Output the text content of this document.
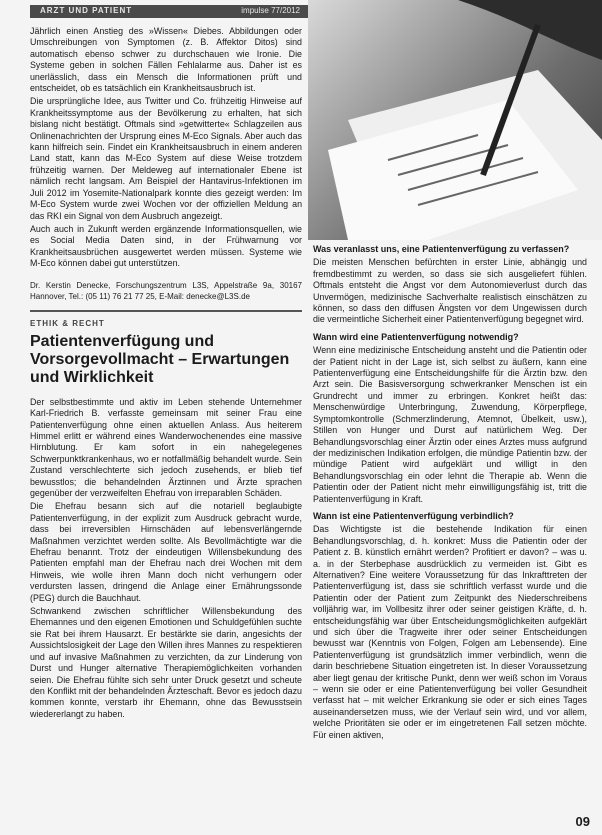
ARZT UND PATIENT	impulse 77/2012

Jährlich einen Anstieg des »Wissen« Diebes. Abbildungen oder Umschreibungen von Symptomen (z. B. Affektor Ditos) sind automatisch ebenso schwer zu durchschauen wie Ironie. Die Systeme geben in solchen Fällen Fehlalarme aus. Daher ist es unerlässlich, dass ein Mensch die Informationen prüft und entscheidet, ob es tatsächlich ein Krankheitsausbruch ist.

Die ursprüngliche Idee, aus Twitter und Co. frühzeitig Hinweise auf Krankheitssymptome aus der Bevölkerung zu erhalten, hat sich bislang nicht bestätigt. Oftmals sind »getwitterte« Schlagzeilen aus Onlinenachrichten der Ursprung eines M-Eco Signals. Aber auch das kann hilfreich sein. Findet ein Krankheitsausbruch in einem anderen Land statt, kann das M-Eco System auf diese Weise trotzdem frühzeitig warnen. Der Meldeweg auf internationaler Ebene ist nämlich recht langsam. Am Beispiel der Hantavirus-Infektionen im Juli 2012 im Yosemite-Nationalpark konnte dies gezeigt werden: Im M-Eco System wurde zwei Wochen vor der offiziellen Meldung an das RKI ein Signal von dem Ausbruch angezeigt.

Auch auch in Zukunft werden ergänzende Informationsquellen, wie es Social Media Daten sind, in der Frühwarnung vor Krankheitsausbrüchen ausgewertet werden müssen. Systeme wie M-Eco können dabei gut unterstützen.

Dr. Kerstin Denecke, Forschungszentrum L3S, Appelstraße 9a, 30167 Hannover, Tel.: (05 11) 76 21 77 25, E-Mail: denecke@L3S.de

ETHIK & RECHT
Patientenverfügung und Vorsorgevollmacht – Erwartungen und Wirklichkeit

Der selbstbestimmte und aktiv im Leben stehende Unternehmer Karl-Friedrich B. verfasste gemeinsam mit seiner Frau eine Patientenverfügung ohne einen aktuellen Anlass. Aus heiterem Himmel erlitt er während eines Wanderwochenendes eine massive Hirnblutung. Er kam sofort in ein nahegelegenes Schwerpunktkrankenhaus, wo er notfallmäßig behandelt wurde. Sein Zustand verschlechterte sich jedoch zusehends, er blieb tief bewusstlos; die behandelnden Ärztinnen und Ärzte sprachen gegenüber der verzweifelten Ehefrau von irreparablen Schäden.

Die Ehefrau besann sich auf die notariell beglaubigte Patientenverfügung, in der explizit zum Ausdruck gebracht wurde, dass bei irreversiblen Hirnschäden auf lebensverlängernde Maßnahmen verzichtet werden sollte. Als Bevollmächtigte war die Ehefrau benannt. Trotz der eindeutigen Willensbekundung des Patienten empfahl man der Ehefrau nach drei Wochen mit dem Hinweis, wie wolle ihren Mann doch nicht verhungern oder verdursten lassen, dringend die Anlage einer Ernährungssonde (PEG) durch die Bauchhaut.

Schwankend zwischen schriftlicher Willensbekundung des Ehemannes und den eigenen Emotionen und Schuldgefühlen suchte sie Rat bei ihrem Hausarzt. Er bestärkte sie darin, angesichts der Aussichtslosigkeit der Lage den Willen ihres Mannes zu respektieren und auf invasive Maßnahmen zu verzichten, da zur Linderung von Durst und Hunger alternative Therapiemöglichkeiten vorhanden seien. Die Ehefrau fühlte sich sehr unter Druck gesetzt und scheute den Konflikt mit der behandelnden Ärzteschaft. Bevor es jedoch dazu kommen konnte, verstarb ihr Ehemann, ohne das Bewusstsein wiedererlangt zu haben.

Was veranlasst uns, eine Patientenverfügung zu verfassen?

Die meisten Menschen befürchten in erster Linie, abhängig und fremdbestimmt zu werden, so dass sie sich ausgeliefert fühlen. Oftmals entsteht die Angst vor dem Autonomieverlust durch das Unvermögen, medizinische Sachverhalte realistisch einschätzen zu können, so dass den diffusen Ängsten vor dem Ungewissen durch die vermeintliche Sicherheit einer Patientenverfügung begegnet wird.

Wann wird eine Patientenverfügung notwendig?

Wenn eine medizinische Entscheidung ansteht und die Patientin oder der Patient nicht in der Lage ist, sich selbst zu äußern, kann eine Patientenverfügung eine Entscheidungshilfe für die Ärztin bzw. den Arzt sein. Die Basisversorgung schwerkranker Menschen ist ein Grundrecht und immer zu erbringen. Konkret heißt das: Menschenwürdige Unterbringung, Zuwendung, Körperpflege, Symptomkontrolle (Schmerzlinderung, Atemnot, Übelkeit, usw.), Stillen von Hunger und Durst auf natürlichem Weg. Der Behandlungsvorschlag einer Ärztin oder eines Arztes muss aufgrund der medizinischen Indikation erfolgen, die mündige Patientin bzw. der mündige Patient wird aufgeklärt und willigt in den Behandlungsvorschlag ein oder lehnt die Therapie ab. Wenn die Patientin oder der Patient nicht mehr einwilligungsfähig ist, tritt die Patientenverfügung in Kraft.

Wann ist eine Patientenverfügung verbindlich?

Das Wichtigste ist die bestehende Indikation für einen Behandlungsvorschlag, d. h. konkret: Muss die Patientin oder der Patient z. B. künstlich ernährt werden? Profitiert er davon? – was u. a. in der Sterbephase ausdrücklich zu vermeiden ist. Gibt es Alternativen? Eine weitere Voraussetzung für das Inkrafttreten der Patientenverfügung ist, dass sie schriftlich verfasst wurde und die Patientin oder der Patient zum Zeitpunkt des Niederschreibens volljährig war, im Vollbesitz ihrer oder seiner geistigen Kräfte, d. h. entscheidungsfähig war über Entscheidungsmöglichkeiten aufgeklärt und sich über die Tragweite ihrer oder seiner Entscheidungen bewusst war (Kenntnis von Folgen, Folgen am Lebensende). Eine Patientenverfügung ist grundsätzlich immer verbindlich, wenn die darin beschriebene Situation eingetreten ist. In dieser Voraussetzung aber liegt genau der kritische Punkt, denn wer weiß schon im Voraus – wenn sie oder er eine Patientenverfügung bei voller Gesundheit verfasst hat – mit welcher Erkrankung sie oder er sich eines Tages auseinandersetzen muss, wie der Verlauf sein wird, und vor allem, welche Prioritäten sie oder er im eingetretenen Fall setzen möchte. Für einen aktiven,

09
